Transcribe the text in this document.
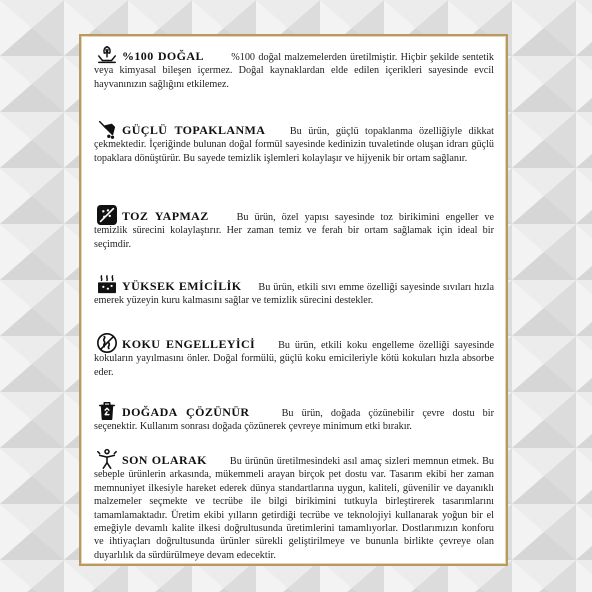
%100 DOĞAL	%100 doğal malzemelerden üretilmiştir. Hiçbir şekilde sentetik veya kimyasal bileşen içermez. Doğal kaynaklardan elde edilen içerikleri sayesinde evcil hayvanınızın sağlığını etkilemez.
GÜÇLÜ TOPAKLANMA Bu ürün, güçlü topaklanma özelliğiyle dikkat çekmektedir. İçeriğinde bulunan doğal formül sayesinde kedinizin tuvaletinde oluşan idrarı güçlü topaklara dönüştürür. Bu sayede temizlik işlemleri kolaylaşır ve hijyenik bir ortam sağlanır.
TOZ YAPMAZ	Bu ürün, özel yapısı sayesinde toz birikimini engeller ve temizlik sürecini kolaylaştırır. Her zaman temiz ve ferah bir ortam sağlamak için ideal bir seçimdir.
YÜKSEK EMİCİLİK Bu ürün, etkili sıvı emme özelliği sayesinde sıvıları hızla emerek yüzeyin kuru kalmasını sağlar ve temizlik sürecini destekler.
KOKU ENGELLEYİCİ Bu ürün, etkili koku engelleme özelliği sayesinde kokuların yayılmasını önler. Doğal formülü, güçlü koku emicileriyle kötü kokuları hızla absorbe eder.
DOĞADA ÇÖZÜNÜR	Bu ürün, doğada çözünebilir çevre dostu bir seçenektir. Kullanım sonrası doğada çözünerek çevreye minimum etki bırakır.
SON OLARAK Bu ürünün üretilmesindeki asıl amaç sizleri memnun etmek. Bu sebeple ürünlerin arkasında, mükemmeli arayan birçok pet dostu var. Tasarım ekibi her zaman memnuniyet ilkesiyle hareket ederek dünya standartlarına uygun, kaliteli, güvenilir ve dayanıklı malzemeler seçmekte ve tecrübe ile bilgi birikimini tutkuyla birleştirerek tasarımlarını tamamlamaktadır. Üretim ekibi yılların getirdiği tecrübe ve teknolojiyi kullanarak yoğun bir el emeğiyle devamlı kalite ilkesi doğrultusunda üretimlerini tamamlıyorlar. Dostlarımızın konforu ve ihtiyaçları doğrultusunda ürünler sürekli geliştirilmeye ve bununla birlikte çevreye olan duyarlılık da sürdürülmeye devam edecektir.
